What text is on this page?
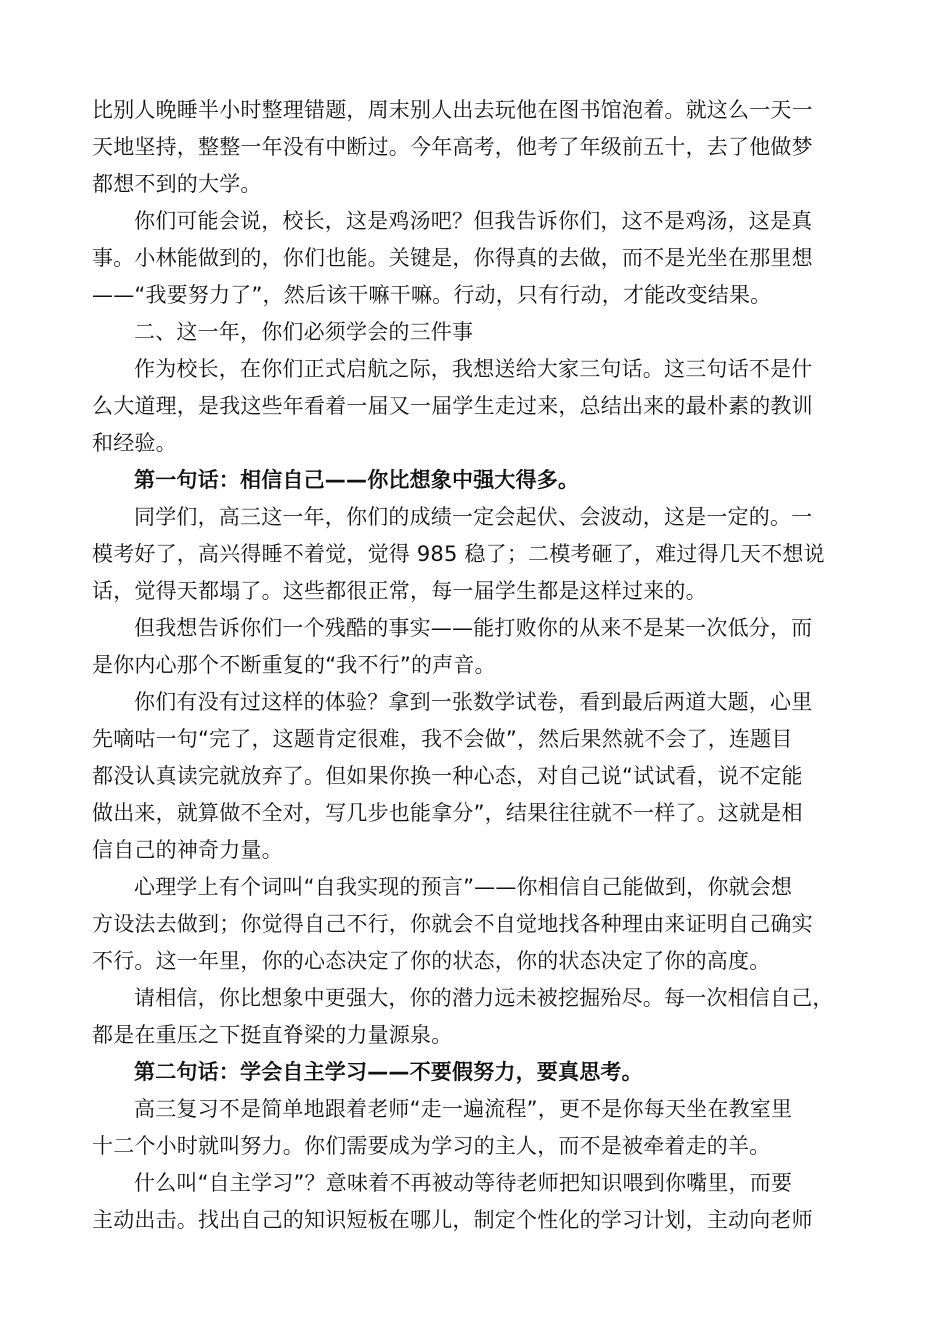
比别人晚睡半小时整理错题，周末别人出去玩他在图书馆泡着。就这么一天一
天地坚持，整整一年没有中断过。今年高考，他考了年级前五十，去了他做梦
都想不到的大学。
你们可能会说，校长，这是鸡汤吧？但我告诉你们，这不是鸡汤，这是真
事。小林能做到的，你们也能。关键是，你得真的去做，而不是光坐在那里想
——“我要努力了”，然后该干嘛干嘛。行动，只有行动，才能改变结果。
二、这一年，你们必须学会的三件事
作为校长，在你们正式启航之际，我想送给大家三句话。这三句话不是什
么大道理，是我这些年看着一届又一届学生走过来，总结出来的最朴素的教训
和经验。
第一句话：相信自己——你比想象中强大得多。
同学们，高三这一年，你们的成绩一定会起伏、会波动，这是一定的。一
模考好了，高兴得睡不着觉，觉得 985 稳了；二模考砸了，难过得几天不想说
话，觉得天都塌了。这些都很正常，每一届学生都是这样过来的。
但我想告诉你们一个残酷的事实——能打败你的从来不是某一次低分，而
是你内心那个不断重复的“我不行”的声音。
你们有没有过这样的体验？拿到一张数学试卷，看到最后两道大题，心里
先嘀咕一句“完了，这题肯定很难，我不会做”，然后果然就不会了，连题目
都没认真读完就放弃了。但如果你换一种心态，对自己说“试试看，说不定能
做出来，就算做不全对，写几步也能拿分”，结果往往就不一样了。这就是相
信自己的神奇力量。
心理学上有个词叫“自我实现的预言”——你相信自己能做到，你就会想
方设法去做到；你觉得自己不行，你就会不自觉地找各种理由来证明自己确实
不行。这一年里，你的心态决定了你的状态，你的状态决定了你的高度。
请相信，你比想象中更强大，你的潜力远未被挖掘殆尽。每一次相信自己，
都是在重压之下挺直脊梁的力量源泉。
第二句话：学会自主学习——不要假努力，要真思考。
高三复习不是简单地跟着老师“走一遍流程”，更不是你每天坐在教室里
十二个小时就叫努力。你们需要成为学习的主人，而不是被牵着走的羊。
什么叫“自主学习”？意味着不再被动等待老师把知识喂到你嘴里，而要
主动出击。找出自己的知识短板在哪儿，制定个性化的学习计划，主动向老师
